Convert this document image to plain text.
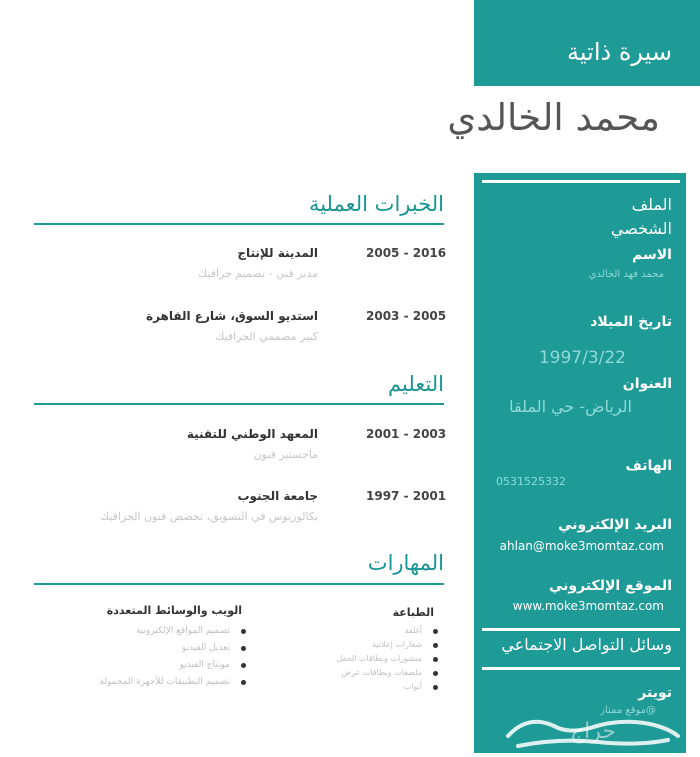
سيرة ذاتية
محمد الخالدي
الخبرات العملية
2005 - 2016
المدينة للإنتاج
مدير فني - تصميم جرافيك
2003 - 2005
استديو السوق، شارع القاهرة
كبير مصممي الجرافيك
التعليم
2001 - 2003
المعهد الوطني للتقنية
ماجستير فنون
1997 - 2001
جامعة الجنوب
بكالوريوس في التسويق، تخصص فنون الجرافيك
المهارات
الويب والوسائط المتعددة
تصميم المواقع الإلكترونية
تعديل الفيديو
مونتاج الفيديو
تصميم التطبيقات للأجهزة المحمولة
الطباعة
أغلفة
شعارات إعلانية
منشورات وبطاقات الحفل
ملصقات وبطاقات عرض
أبواب
الملف الشخصي
الاسم
محمد فهد الخالدي
تاريخ الميلاد
1997/3/22
العنوان
الرياض- حي الملقا
الهاتف
0531525332
البريد الإلكتروني
ahlan@moke3momtaz.com
الموقع الإلكتروني
www.moke3momtaz.com
وسائل التواصل الاجتماعي
تويتر
@موقع ممتاز
حراج
